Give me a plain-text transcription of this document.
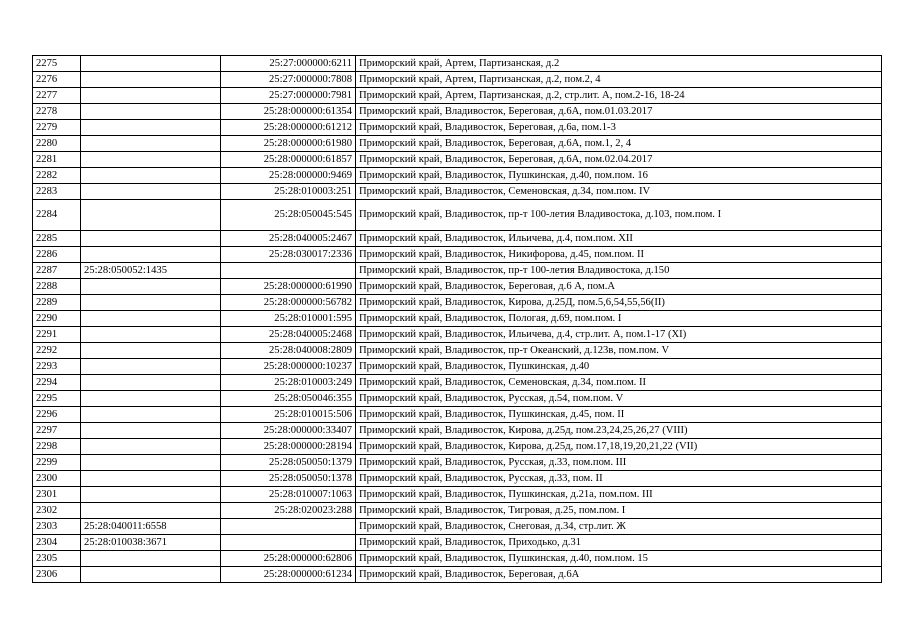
2275		25:27:000000:6211	Приморский край, Артем, Партизанская, д.2
2276		25:27:000000:7808	Приморский край, Артем, Партизанская, д.2, пом.2, 4
2277		25:27:000000:7981	Приморский край, Артем, Партизанская, д.2, стр.лит. А, пом.2-16, 18-24
2278		25:28:000000:61354	Приморский край, Владивосток, Береговая, д.6А, пом.01.03.2017
2279		25:28:000000:61212	Приморский край, Владивосток, Береговая, д.6а, пом.1-3
2280		25:28:000000:61980	Приморский край, Владивосток, Береговая, д.6А, пом.1, 2, 4
2281		25:28:000000:61857	Приморский край, Владивосток, Береговая, д.6А, пом.02.04.2017
2282		25:28:000000:9469	Приморский край, Владивосток, Пушкинская, д.40, пом.пом. 16
2283		25:28:010003:251	Приморский край, Владивосток, Семеновская, д.34, пом.пом. IV
2284		25:28:050045:545	Приморский край, Владивосток, пр-т 100-летия Владивостока, д.103, пом.пом. I
2285		25:28:040005:2467	Приморский край, Владивосток, Ильичева, д.4, пом.пом. XII
2286		25:28:030017:2336	Приморский край, Владивосток, Никифорова, д.45, пом.пом. II
2287	25:28:050052:1435		Приморский край, Владивосток, пр-т 100-летия Владивостока, д.150
2288		25:28:000000:61990	Приморский край, Владивосток, Береговая, д.6 А, пом.А
2289		25:28:000000:56782	Приморский край, Владивосток, Кирова, д.25Д, пом.5,6,54,55,56(II)
2290		25:28:010001:595	Приморский край, Владивосток, Пологая, д.69, пом.пом. I
2291		25:28:040005:2468	Приморский край, Владивосток, Ильичева, д.4, стр.лит. А, пом.1-17 (XI)
2292		25:28:040008:2809	Приморский край, Владивосток, пр-т Океанский, д.123в, пом.пом. V
2293		25:28:000000:10237	Приморский край, Владивосток, Пушкинская, д.40
2294		25:28:010003:249	Приморский край, Владивосток, Семеновская, д.34, пом.пом. II
2295		25:28:050046:355	Приморский край, Владивосток, Русская, д.54, пом.пом. V
2296		25:28:010015:506	Приморский край, Владивосток, Пушкинская, д.45, пом. II
2297		25:28:000000:33407	Приморский край, Владивосток, Кирова, д.25д, пом.23,24,25,26,27 (VIII)
2298		25:28:000000:28194	Приморский край, Владивосток, Кирова, д.25д, пом.17,18,19,20,21,22 (VII)
2299		25:28:050050:1379	Приморский край, Владивосток, Русская, д.33, пом.пом. III
2300		25:28:050050:1378	Приморский край, Владивосток, Русская, д.33, пом. II
2301		25:28:010007:1063	Приморский край, Владивосток, Пушкинская, д.21а, пом.пом. III
2302		25:28:020023:288	Приморский край, Владивосток, Тигровая, д.25, пом.пом. I
2303	25:28:040011:6558		Приморский край, Владивосток, Снеговая, д.34, стр.лит. Ж
2304	25:28:010038:3671		Приморский край, Владивосток, Приходько, д.31
2305		25:28:000000:62806	Приморский край, Владивосток, Пушкинская, д.40, пом.пом. 15
2306		25:28:000000:61234	Приморский край, Владивосток, Береговая, д.6А
